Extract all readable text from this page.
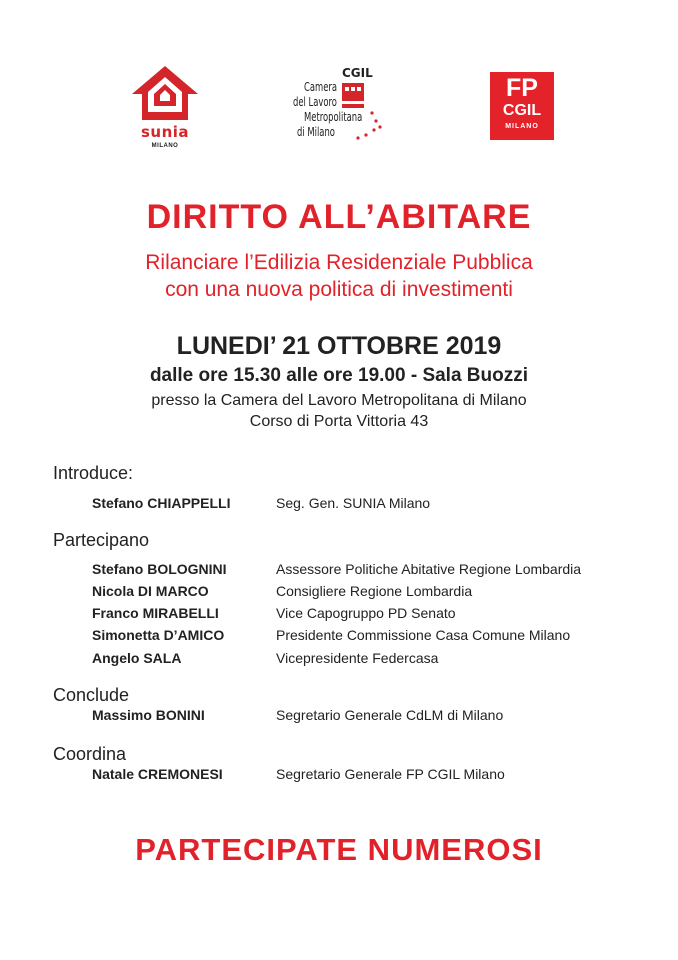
sunia
MILANO
CGIL
Camera
del Lavoro
Metropolitana
di Milano
FP
CGIL
MILANO
DIRITTO ALL’ABITARE
Rilanciare l’Edilizia Residenziale Pubblica
con una nuova politica di investimenti
LUNEDI’ 21 OTTOBRE 2019
dalle ore 15.30 alle ore 19.00 - Sala Buozzi
presso la Camera del Lavoro Metropolitana di Milano
Corso di Porta Vittoria 43
Introduce:
Stefano CHIAPPELLI	Seg. Gen. SUNIA Milano
Partecipano
Stefano BOLOGNINI	Assessore Politiche Abitative Regione Lombardia
Nicola DI MARCO	Consigliere Regione Lombardia
Franco MIRABELLI	Vice Capogruppo PD Senato
Simonetta D’AMICO	Presidente Commissione Casa Comune Milano
Angelo SALA	Vicepresidente Federcasa
Conclude
Massimo BONINI	Segretario Generale CdLM di Milano
Coordina
Natale CREMONESI	Segretario Generale FP CGIL Milano
PARTECIPATE NUMEROSI
